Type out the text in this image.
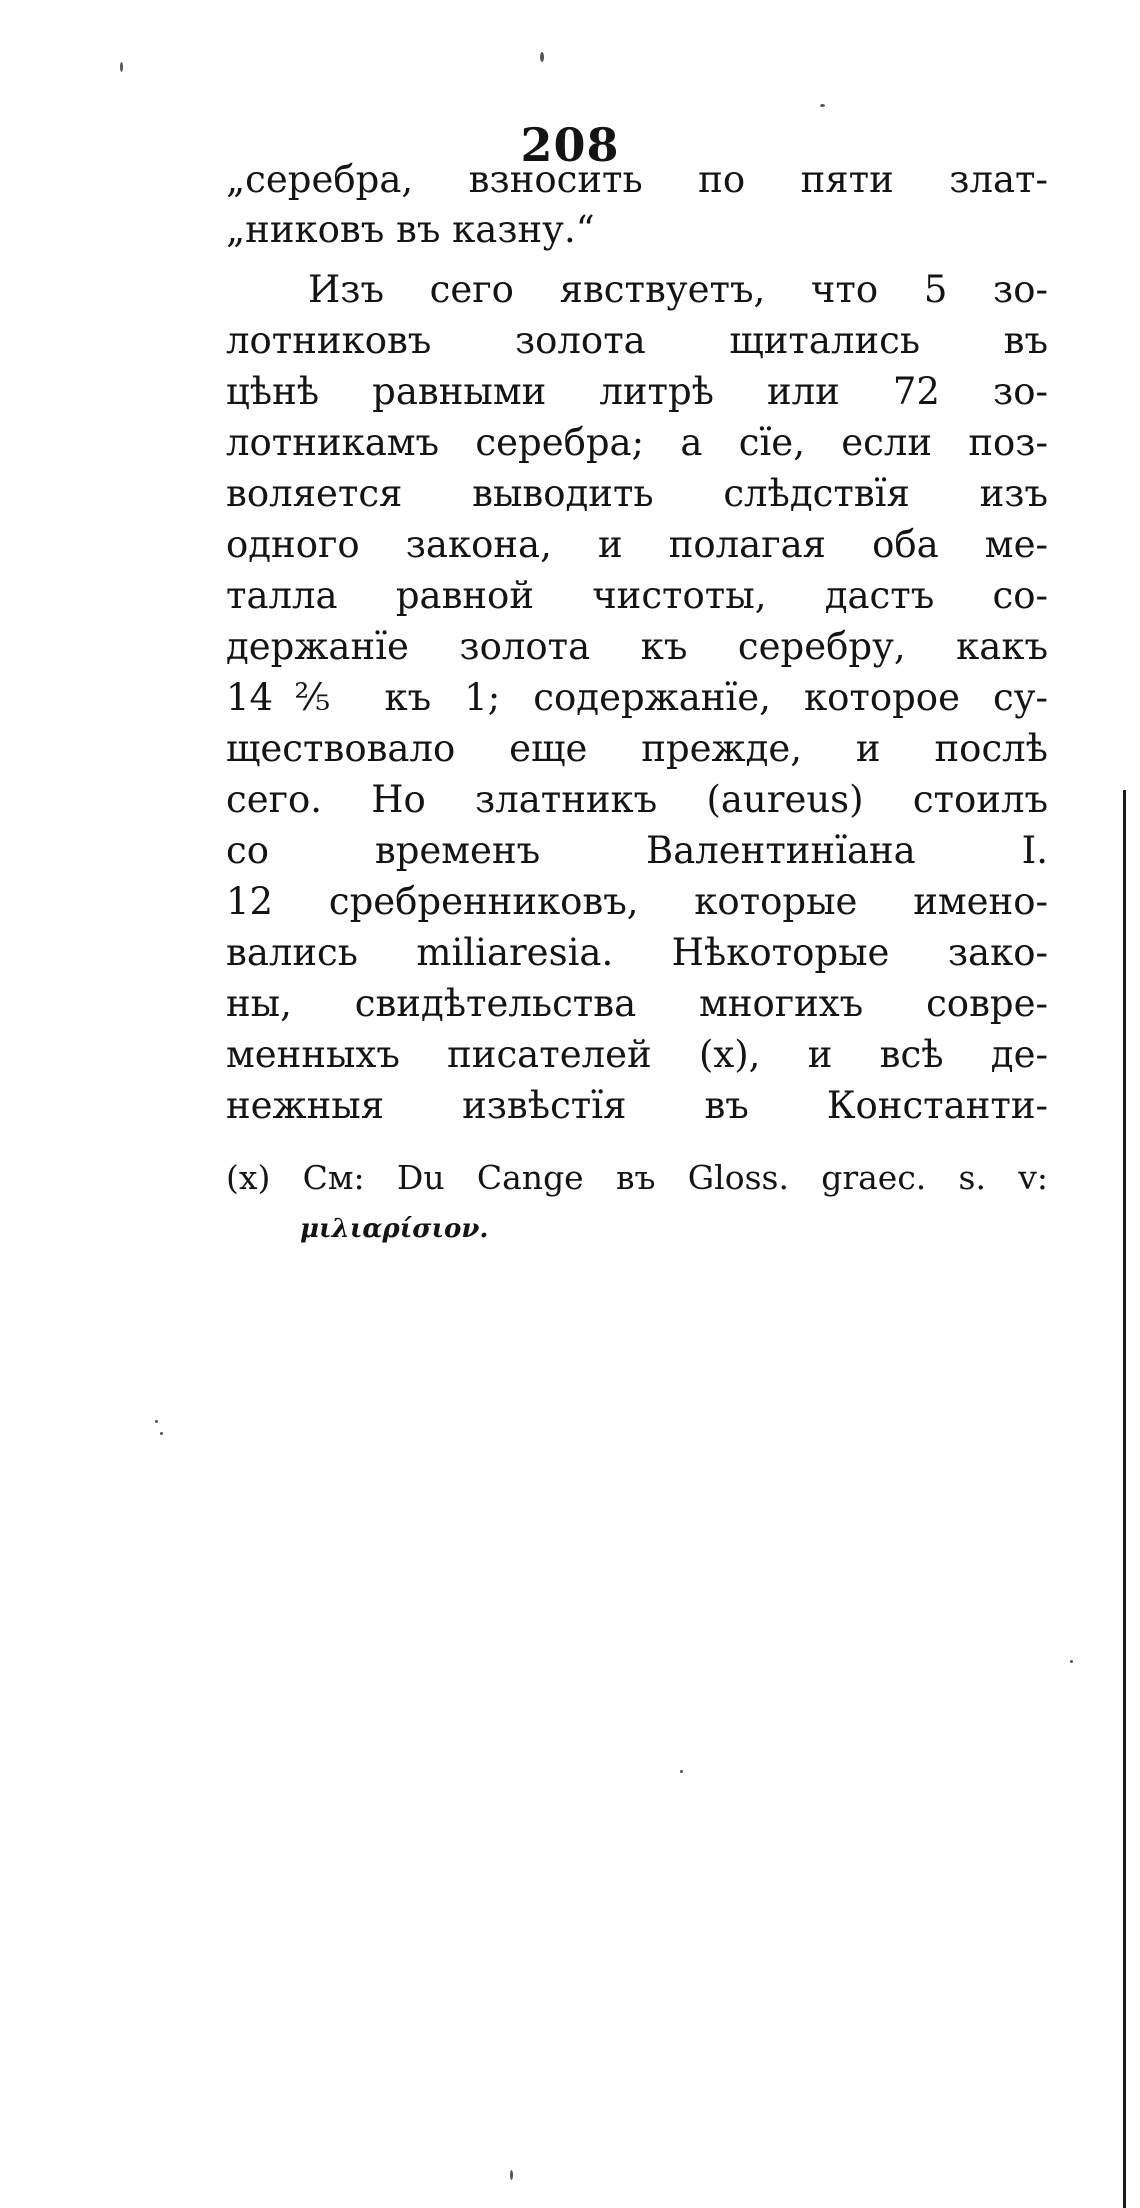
208
„серебра, взносить по пяти злат-
„никовъ въ казну.“
Изъ сего явствуетъ, что 5 зо-
лотниковъ золота щитались въ
цѣнѣ равными литрѣ или 72 зо-
лотникамъ серебра; а сїе, если поз-
воляется выводить слѣдствїя изъ
одного закона, и полагая оба ме-
талла равной чистоты, дастъ со-
держанїе золота къ серебру, какъ
14⅖ къ 1; содержанїе, которое су-
ществовало еще прежде, и послѣ
сего. Но златникъ (aureus) стоилъ
со временъ Валентинїана I.
12 сребренниковъ, которые имено-
вались miliaresia. Нѣкоторые зако-
ны, свидѣтельства многихъ совре-
менныхъ писателей (x), и всѣ де-
нежныя извѣстїя въ Константи-
(x) См: Du Cange въ Gloss. graec. s. v:
μιλιαρίσιον.
